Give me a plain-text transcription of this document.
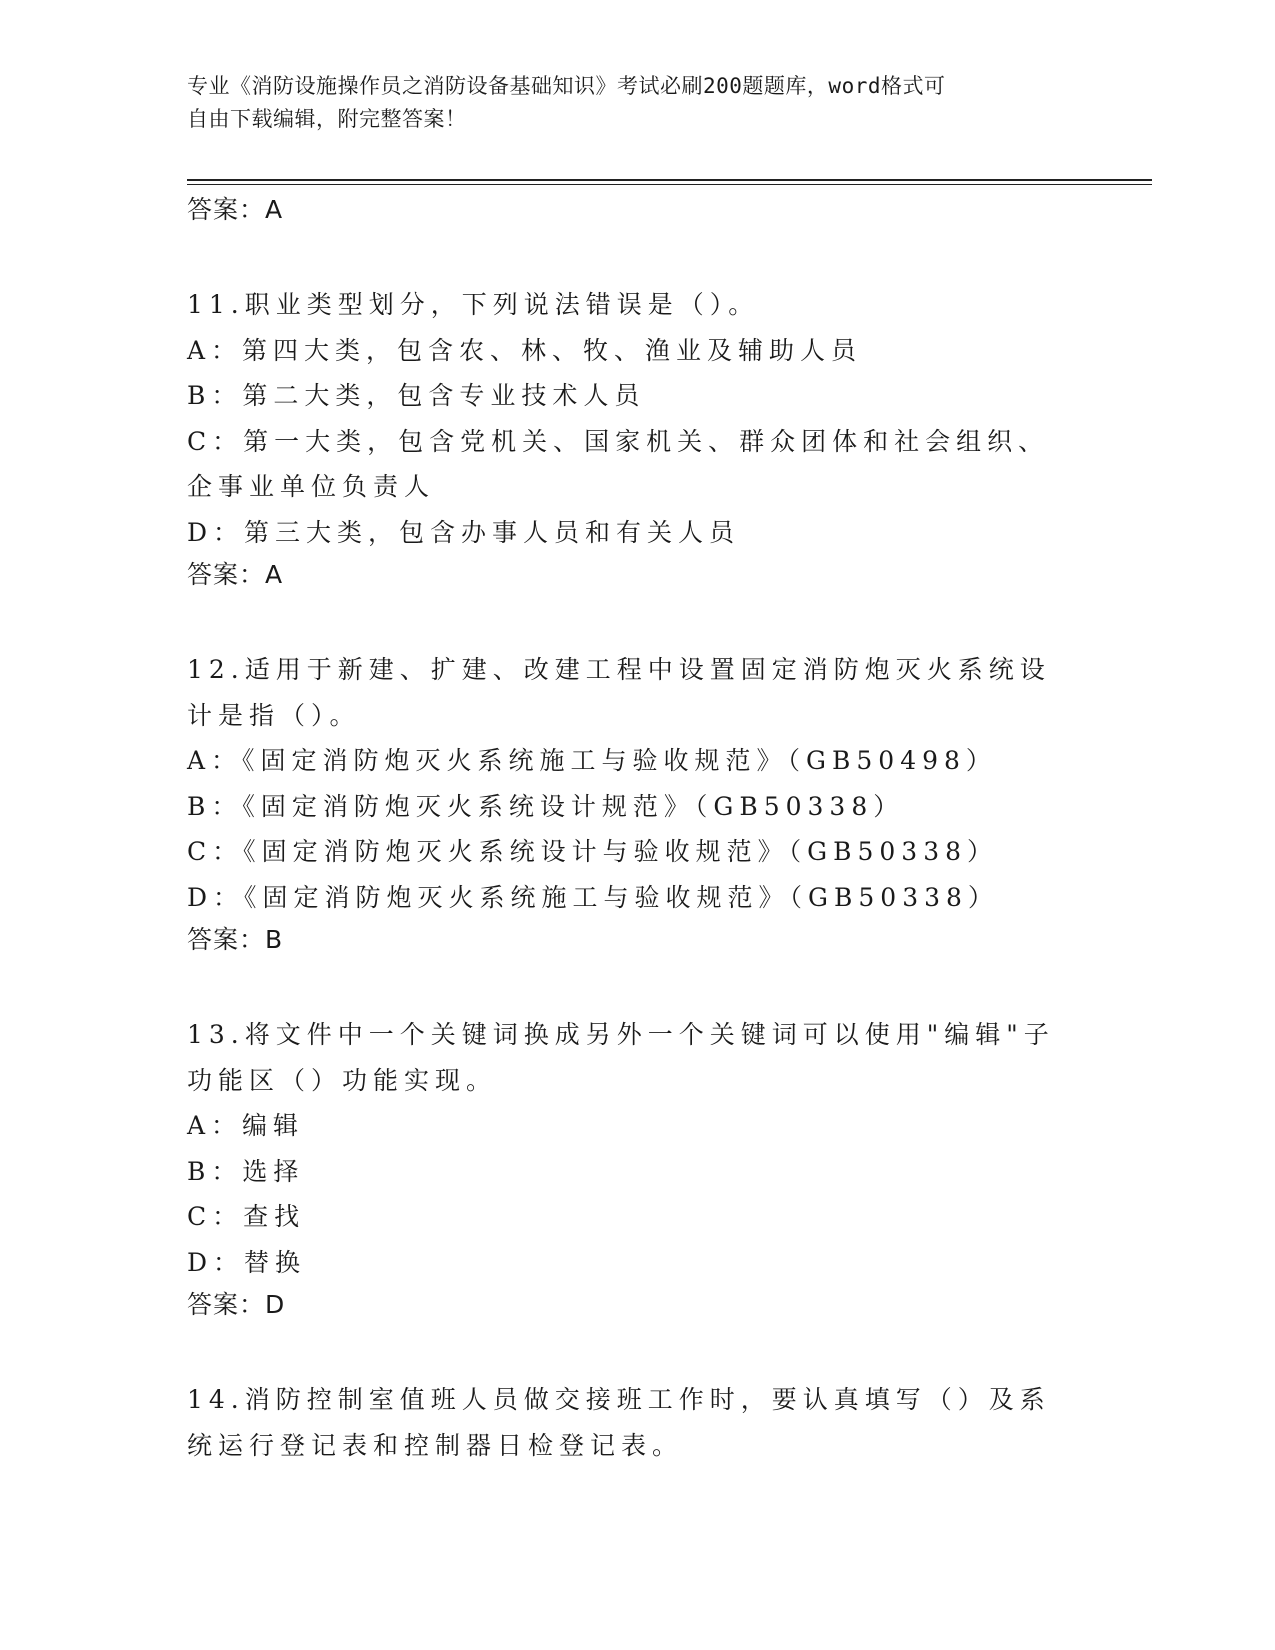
专业《消防设施操作员之消防设备基础知识》考试必刷200题题库，word格式可
自由下载编辑，附完整答案！
答案：A
11.职业类型划分，下列说法错误是（）。
A：第四大类，包含农、林、牧、渔业及辅助人员
B：第二大类，包含专业技术人员
C：第一大类，包含党机关、国家机关、群众团体和社会组织、企事业单位负责人
D：第三大类，包含办事人员和有关人员
答案：A
12.适用于新建、扩建、改建工程中设置固定消防炮灭火系统设计是指（）。
A：《固定消防炮灭火系统施工与验收规范》（GB50498）
B：《固定消防炮灭火系统设计规范》（GB50338）
C：《固定消防炮灭火系统设计与验收规范》（GB50338）
D：《固定消防炮灭火系统施工与验收规范》（GB50338）
答案：B
13.将文件中一个关键词换成另外一个关键词可以使用"编辑"子功能区（）功能实现。
A：编辑
B：选择
C：查找
D：替换
答案：D
14.消防控制室值班人员做交接班工作时，要认真填写（）及系统运行登记表和控制器日检登记表。
